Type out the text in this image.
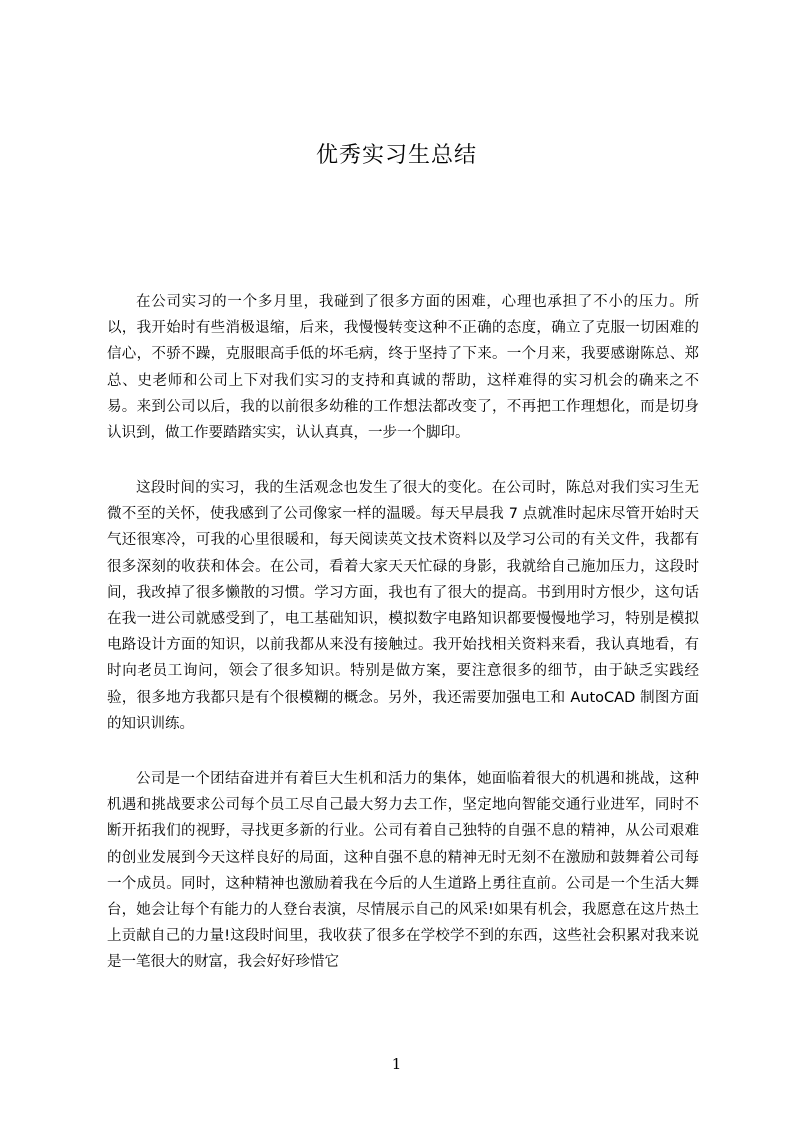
优秀实习生总结

在公司实习的一个多月里，我碰到了很多方面的困难，心理也承担了不小的压力。所以，我开始时有些消极退缩，后来，我慢慢转变这种不正确的态度，确立了克服一切困难的信心，不骄不躁，克服眼高手低的坏毛病，终于坚持了下来。一个月来，我要感谢陈总、郑总、史老师和公司上下对我们实习的支持和真诚的帮助，这样难得的实习机会的确来之不易。来到公司以后，我的以前很多幼稚的工作想法都改变了，不再把工作理想化，而是切身认识到，做工作要踏踏实实，认认真真，一步一个脚印。

这段时间的实习，我的生活观念也发生了很大的变化。在公司时，陈总对我们实习生无微不至的关怀，使我感到了公司像家一样的温暖。每天早晨我 7 点就准时起床尽管开始时天气还很寒冷，可我的心里很暖和，每天阅读英文技术资料以及学习公司的有关文件，我都有很多深刻的收获和体会。在公司，看着大家天天忙碌的身影，我就给自己施加压力，这段时间，我改掉了很多懒散的习惯。学习方面，我也有了很大的提高。书到用时方恨少，这句话在我一进公司就感受到了，电工基础知识，模拟数字电路知识都要慢慢地学习，特别是模拟电路设计方面的知识，以前我都从来没有接触过。我开始找相关资料来看，我认真地看，有时向老员工询问，领会了很多知识。特别是做方案，要注意很多的细节，由于缺乏实践经验，很多地方我都只是有个很模糊的概念。另外，我还需要加强电工和 AutoCAD 制图方面的知识训练。

公司是一个团结奋进并有着巨大生机和活力的集体，她面临着很大的机遇和挑战，这种机遇和挑战要求公司每个员工尽自己最大努力去工作，坚定地向智能交通行业进军，同时不断开拓我们的视野，寻找更多新的行业。公司有着自己独特的自强不息的精神，从公司艰难的创业发展到今天这样良好的局面，这种自强不息的精神无时无刻不在激励和鼓舞着公司每一个成员。同时，这种精神也激励着我在今后的人生道路上勇往直前。公司是一个生活大舞台，她会让每个有能力的人登台表演，尽情展示自己的风采!如果有机会，我愿意在这片热土上贡献自己的力量!这段时间里，我收获了很多在学校学不到的东西，这些社会积累对我来说是一笔很大的财富，我会好好珍惜它

1
